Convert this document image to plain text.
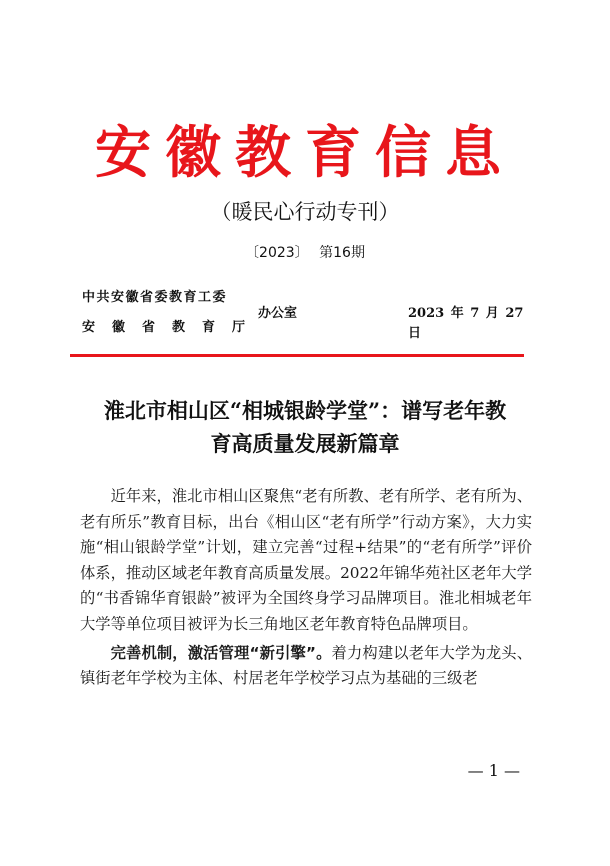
安徽教育信息
（暖民心行动专刊）
〔2023〕 第16期
中共安徽省委教育工委
安徽省教育厅
办公室	2023 年 7 月 27 日
淮北市相山区“相城银龄学堂”：谱写老年教
育高质量发展新篇章

近年来，淮北市相山区聚焦“老有所教、老有所学、老有所为、老有所乐”教育目标，出台《相山区“老有所学”行动方案》，大力实施“相山银龄学堂”计划，建立完善“过程+结果”的“老有所学”评价体系，推动区域老年教育高质量发展。2022年锦华苑社区老年大学的“书香锦华育银龄”被评为全国终身学习品牌项目。淮北相城老年大学等单位项目被评为长三角地区老年教育特色品牌项目。

完善机制，激活管理“新引擎”。着力构建以老年大学为龙头、镇街老年学校为主体、村居老年学校学习点为基础的三级老

— 1 —
